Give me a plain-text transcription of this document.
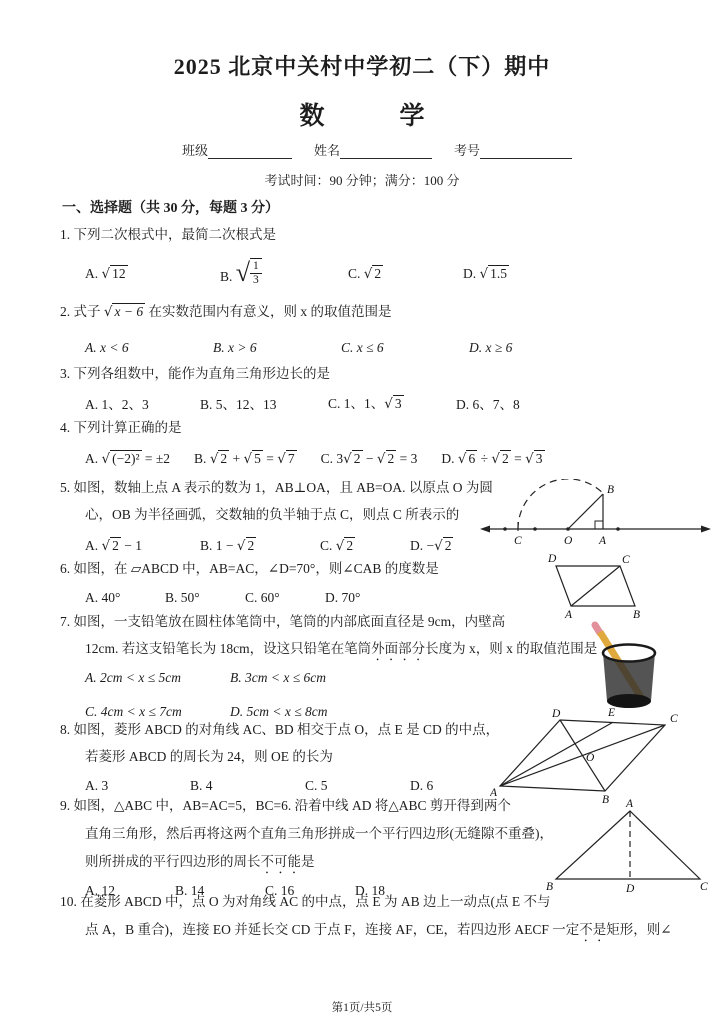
2025 北京中关村中学初二（下）期中
数　　　学
班级	姓名	考号
考试时间：90 分钟；满分：100 分
一、选择题（共 30 分，每题 3 分）
1. 下列二次根式中，最简二次根式是
A. √ 12	B. √ $\frac{1}{3}$	C. √ 2	D. √ 1.5
2. 式子 √ x − 6 在实数范围内有意义，则 x 的取值范围是
A. x < 6	B. x > 6	C. x ≤ 6	D. x ≥ 6
3. 下列各组数中，能作为直角三角形边长的是
A. 1、2、3	B. 5、12、13	C. 1、1、√ 3	D. 6、7、8
4. 下列计算正确的是
A. √ (−2)² = ±2 B. √ 2 + √ 5 = √ 7 C. 3√ 2 − √ 2 = 3 D. √ 6 ÷ √ 2 = √ 3
5. 如图，数轴上点 A 表示的数为 1，AB⊥OA，且 AB=OA. 以原点 O 为圆
心，OB 为半径画弧，交数轴的负半轴于点 C，则点 C 所表示的
A. √ 2 − 1	B. 1 − √ 2	C. √ 2	D. −√ 2	C	O A
B
6. 如图，在 ▱ABCD 中，AB=AC，∠D=70°，则∠CAB 的度数是
A. 40°	B. 50°	C. 60°	D. 70°
D	C
A	B
7. 如图，一支铅笔放在圆柱体笔筒中，笔筒的内部底面直径是 9cm，内壁高
12cm. 若这支铅笔长为 18cm，设这只铅笔在笔筒外面部分长度为 x，则 x 的取值范围是
A. 2cm < x ≤ 5cm	B. 3cm < x ≤ 6cm
C. 4cm < x ≤ 7cm	D. 5cm < x ≤ 8cm
8. 如图，菱形 ABCD 的对角线 AC、BD 相交于点 O，点 E 是 CD 的中点，
若菱形 ABCD 的周长为 24，则 OE 的长为
A. 3	B. 4	C. 5	D. 6
D	E	C
O
A
B
9. 如图，△ABC 中，AB=AC=5，BC=6. 沿着中线 AD 将△ABC 剪开得到两个
直角三角形，然后再将这两个直角三角形拼成一个平行四边形(无缝隙不重叠)，
则所拼成的平行四边形的周长不可能是
A. 12	B. 14	C. 16	D. 18
A
B	D	C
10. 在菱形 ABCD 中，点 O 为对角线 AC 的中点，点 E 为 AB 边上一动点(点 E 不与
点 A，B 重合)，连接 EO 并延长交 CD 于点 F，连接 AF，CE，若四边形 AECF 一定不是矩形，则∠
第1页/共5页
